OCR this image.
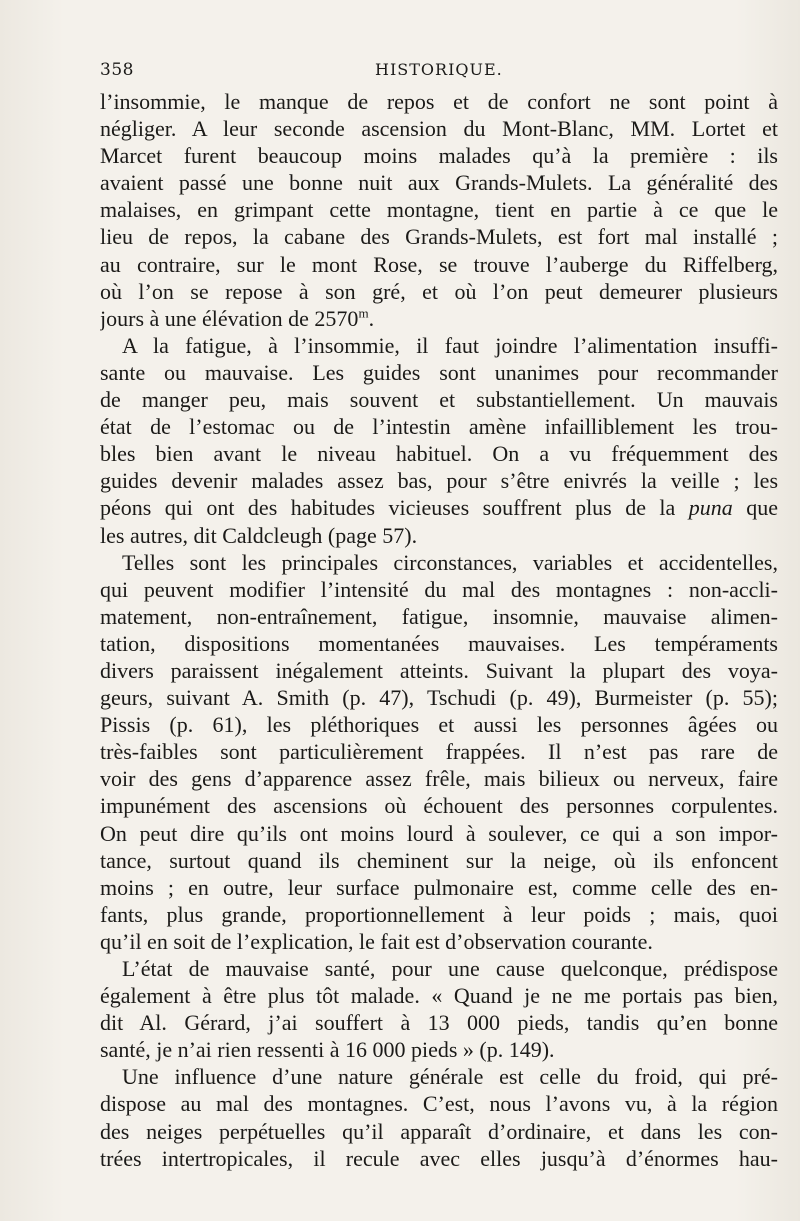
358	HISTORIQUE.
l’insommie, le manque de repos et de confort ne sont point à
négliger. A leur seconde ascension du Mont-Blanc, MM. Lortet et
Marcet furent beaucoup moins malades qu’à la première : ils
avaient passé une bonne nuit aux Grands-Mulets. La généralité des
malaises, en grimpant cette montagne, tient en partie à ce que le
lieu de repos, la cabane des Grands-Mulets, est fort mal installé ;
au contraire, sur le mont Rose, se trouve l’auberge du Riffelberg,
où l’on se repose à son gré, et où l’on peut demeurer plusieurs
jours à une élévation de 2570$^m$.
A la fatigue, à l’insommie, il faut joindre l’alimentation insuffi-
sante ou mauvaise. Les guides sont unanimes pour recommander
de manger peu, mais souvent et substantiellement. Un mauvais
état de l’estomac ou de l’intestin amène infailliblement les trou-
bles bien avant le niveau habituel. On a vu fréquemment des
guides devenir malades assez bas, pour s’être enivrés la veille ; les
péons qui ont des habitudes vicieuses souffrent plus de la puna que
les autres, dit Caldcleugh (page 57).
Telles sont les principales circonstances, variables et accidentelles,
qui peuvent modifier l’intensité du mal des montagnes : non-accli-
matement, non-entraînement, fatigue, insomnie, mauvaise alimen-
tation, dispositions momentanées mauvaises. Les tempéraments
divers paraissent inégalement atteints. Suivant la plupart des voya-
geurs, suivant A. Smith (p. 47), Tschudi (p. 49), Burmeister (p. 55);
Pissis (p. 61), les pléthoriques et aussi les personnes âgées ou
très-faibles sont particulièrement frappées. Il n’est pas rare de
voir des gens d’apparence assez frêle, mais bilieux ou nerveux, faire
impunément des ascensions où échouent des personnes corpulentes.
On peut dire qu’ils ont moins lourd à soulever, ce qui a son impor-
tance, surtout quand ils cheminent sur la neige, où ils enfoncent
moins ; en outre, leur surface pulmonaire est, comme celle des en-
fants, plus grande, proportionnellement à leur poids ; mais, quoi
qu’il en soit de l’explication, le fait est d’observation courante.
L’état de mauvaise santé, pour une cause quelconque, prédispose
également à être plus tôt malade. « Quand je ne me portais pas bien,
dit Al. Gérard, j’ai souffert à 13 000 pieds, tandis qu’en bonne
santé, je n’ai rien ressenti à 16 000 pieds » (p. 149).
Une influence d’une nature générale est celle du froid, qui pré-
dispose au mal des montagnes. C’est, nous l’avons vu, à la région
des neiges perpétuelles qu’il apparaît d’ordinaire, et dans les con-
trées intertropicales, il recule avec elles jusqu’à d’énormes hau-
